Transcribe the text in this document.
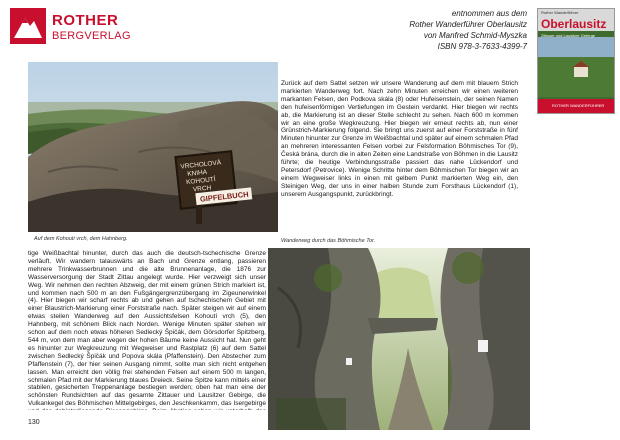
ROTHER
BERGVERLAG
entnommen aus dem
Rother Wanderführer Oberlausitz
von Manfred Schmid-Myszka
ISBN 978-3-7633-4399-7
Rother Wanderführer
Oberlausitz
Zittauer und Lausitzer Gebirge
ROTHER WANDERFÜHRER
VRCHOLOVÁ
KNIHA
KOHOUTÍ
VRCH
GIPFELBUCH
Auf dem Kohouti vrch, dem Hahnberg.

Zurück auf dem Sattel setzen wir unsere Wanderung auf dem mit blauem Strich markierten Wanderweg fort. Nach zehn Minuten erreichen wir einen weiteren markanten Felsen, den Podkova skála (8) oder Hufeisenstein, der seinen Namen den hufeisenförmigen Vertiefungen im Gestein verdankt. Hier biegen wir rechts ab, die Markierung ist an dieser Stelle schlecht zu sehen. Nach 600 m kommen wir an eine große Wegkreuzung. Hier biegen wir erneut rechts ab, nun einer Grünstrich-Markierung folgend. Sie bringt uns zuerst auf einer Forststraße in fünf Minuten hinunter zur Grenze im Weißbachtal und später auf einem schmalen Pfad an mehreren interessanten Felsen vorbei zur Felsformation Böhmisches Tor (9), Česká brána, durch die in alten Zeiten eine Landstraße von Böhmen in die Lausitz führte; die heutige Verbindungsstraße passiert das nahe Lückendorf und Petersdorf (Petrovice). Wenige Schritte hinter dem Böhmischen Tor biegen wir an einem Wegweiser links in einen mit gelbem Punkt markierten Weg ein, den Steinigen Weg, der uns in einer halben Stunde zum Forsthaus Lückendorf (1), unserem Ausgangspunkt, zurückbringt.

Wanderweg durch das Böhmische Tor.

tige Weißbachtal hinunter, durch das auch die deutsch-tschechische Grenze verläuft. Wir wandern talauswärts an Bach und Grenze entlang, passieren mehrere Trinkwasserbrunnen und die alte Brunnenanlage, die 1876 zur Wasserversorgung der Stadt Zittau angelegt wurde. Hier verzweigt sich unser Weg. Wir nehmen den rechten Abzweig, der mit einem grünen Strich markiert ist, und kommen nach 500 m an den Fußgängergrenzübergang im Zigeunerwinkel (4). Hier biegen wir scharf rechts ab und gehen auf tschechischem Gebiet mit einer Blaustrich-Markierung einer Forststraße nach. Später steigen wir auf einem etwas steilen Wanderweg auf den Aussichtsfelsen Kohoutí vrch (5), den Hahnberg, mit schönem Blick nach Norden. Wenige Minuten später stehen wir schon auf dem noch etwas höheren Sedlecký Špičák, dem Görsdorfer Spitzberg, 544 m, von dem man aber wegen der hohen Bäume keine Aussicht hat. Nun geht es hinunter zur Wegkreuzung mit Wegweiser und Rastplatz (6) auf dem Sattel zwischen Sedlecký Špičák und Popova skála (Pfaffenstein). Den Abstecher zum Pfaffenstein (7), der hier seinen Ausgang nimmt, sollte man sich nicht entgehen lassen. Man erreicht den völlig frei stehenden Felsen auf einem 500 m langen, schmalen Pfad mit der Markierung blaues Dreieck. Seine Spitze kann mittels einer stabilen, gesicherten Treppenanlage bestiegen werden; oben hat man eine der schönsten Rundsichten auf das gesamte Zittauer und Lausitzer Gebirge, die Vulkankegel des Böhmischen Mittelgebirges, den Jeschkenkamm, das Isergebirge

130
